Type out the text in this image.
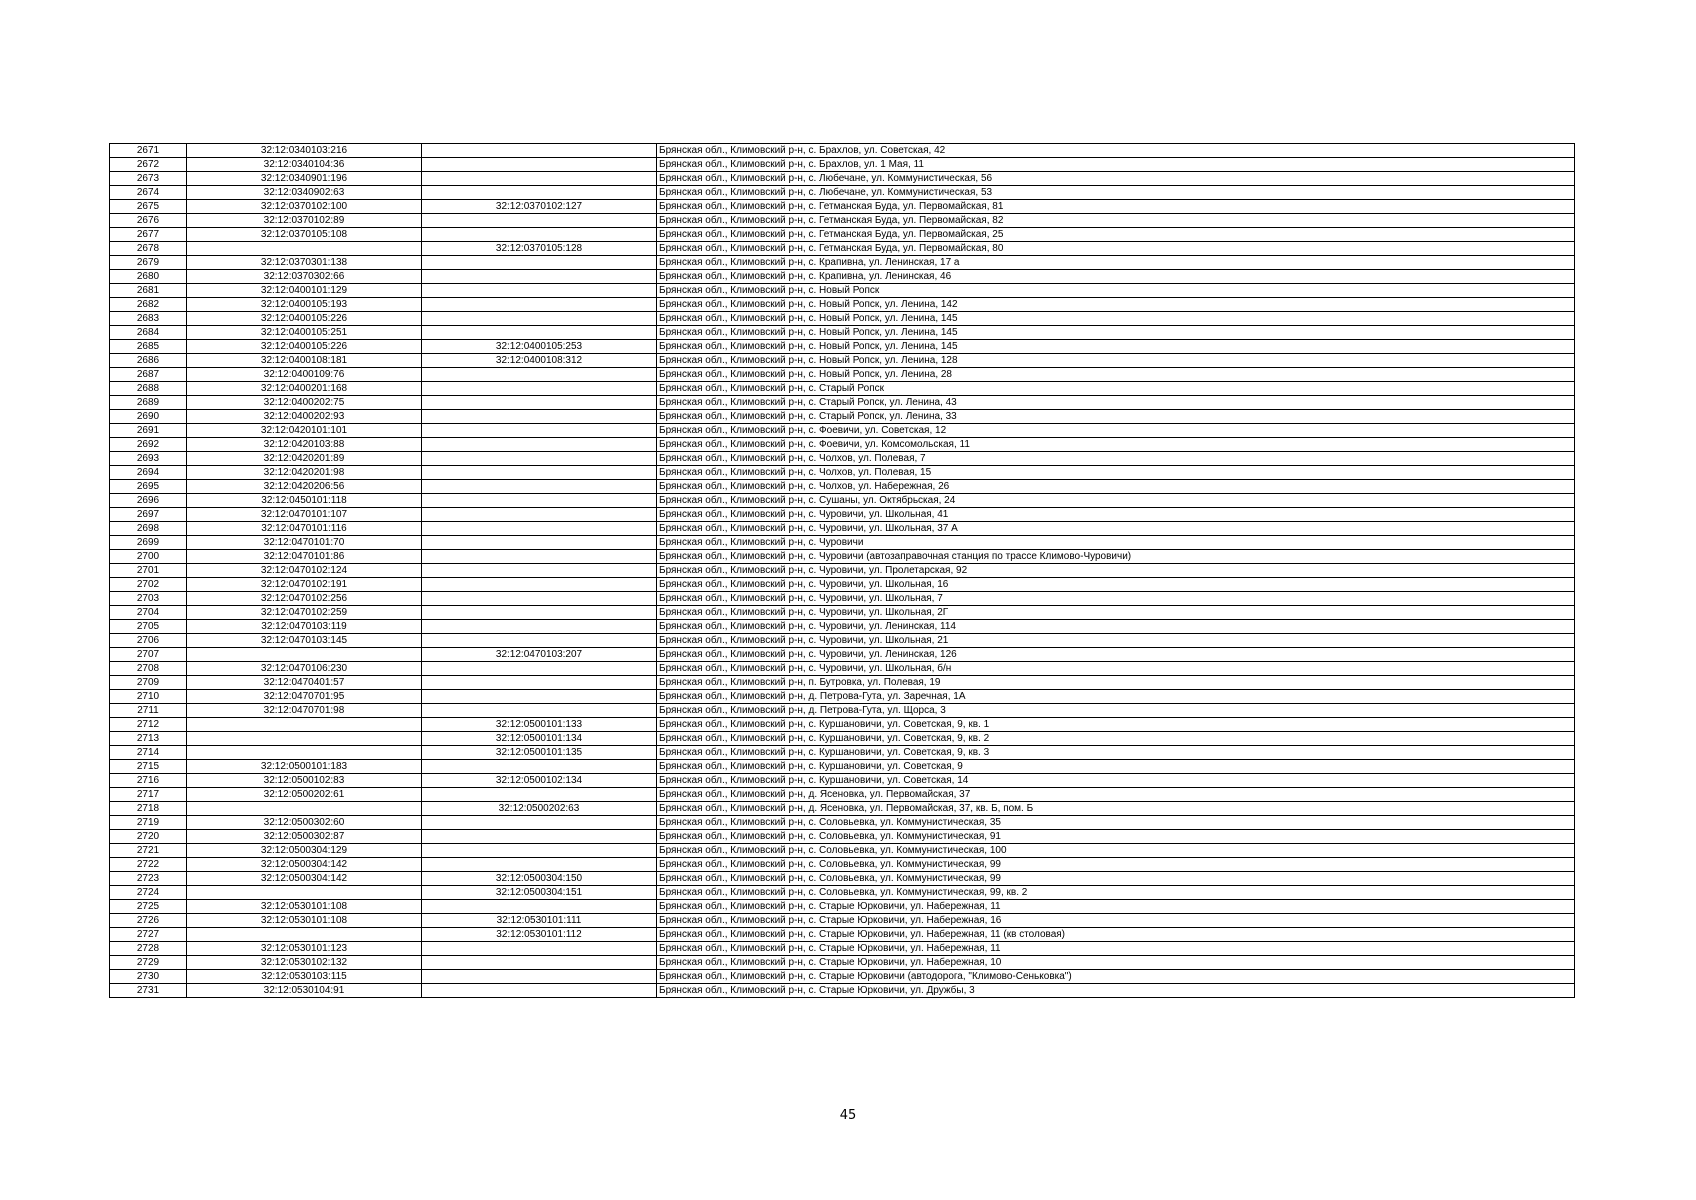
2671	32:12:0340103:216		Брянская обл., Климовский р-н, с. Брахлов, ул. Советская, 42
2672	32:12:0340104:36		Брянская обл., Климовский р-н, с. Брахлов, ул. 1 Мая, 11
2673	32:12:0340901:196		Брянская обл., Климовский р-н, с. Любечане, ул. Коммунистическая, 56
2674	32:12:0340902:63		Брянская обл., Климовский р-н, с. Любечане, ул. Коммунистическая, 53
2675	32:12:0370102:100	32:12:0370102:127	Брянская обл., Климовский р-н, с. Гетманская Буда, ул. Первомайская, 81
2676	32:12:0370102:89		Брянская обл., Климовский р-н, с. Гетманская Буда, ул. Первомайская, 82
2677	32:12:0370105:108		Брянская обл., Климовский р-н, с. Гетманская Буда, ул. Первомайская, 25
2678		32:12:0370105:128	Брянская обл., Климовский р-н, с. Гетманская Буда, ул. Первомайская, 80
2679	32:12:0370301:138		Брянская обл., Климовский р-н, с. Крапивна, ул. Ленинская, 17 а
2680	32:12:0370302:66		Брянская обл., Климовский р-н, с. Крапивна, ул. Ленинская, 46
2681	32:12:0400101:129		Брянская обл., Климовский р-н, с. Новый Ропск
2682	32:12:0400105:193		Брянская обл., Климовский р-н, с. Новый Ропск, ул. Ленина, 142
2683	32:12:0400105:226		Брянская обл., Климовский р-н, с. Новый Ропск, ул. Ленина, 145
2684	32:12:0400105:251		Брянская обл., Климовский р-н, с. Новый Ропск, ул. Ленина, 145
2685	32:12:0400105:226	32:12:0400105:253	Брянская обл., Климовский р-н, с. Новый Ропск, ул. Ленина, 145
2686	32:12:0400108:181	32:12:0400108:312	Брянская обл., Климовский р-н, с. Новый Ропск, ул. Ленина, 128
2687	32:12:0400109:76		Брянская обл., Климовский р-н, с. Новый Ропск, ул. Ленина, 28
2688	32:12:0400201:168		Брянская обл., Климовский р-н, с. Старый Ропск
2689	32:12:0400202:75		Брянская обл., Климовский р-н, с. Старый Ропск, ул. Ленина, 43
2690	32:12:0400202:93		Брянская обл., Климовский р-н, с. Старый Ропск, ул. Ленина, 33
2691	32:12:0420101:101		Брянская обл., Климовский р-н, с. Фоевичи, ул. Советская, 12
2692	32:12:0420103:88		Брянская обл., Климовский р-н, с. Фоевичи, ул. Комсомольская, 11
2693	32:12:0420201:89		Брянская обл., Климовский р-н, с. Чолхов, ул. Полевая, 7
2694	32:12:0420201:98		Брянская обл., Климовский р-н, с. Чолхов, ул. Полевая, 15
2695	32:12:0420206:56		Брянская обл., Климовский р-н, с. Чолхов, ул. Набережная, 26
2696	32:12:0450101:118		Брянская обл., Климовский р-н, с. Сушаны, ул. Октябрьская, 24
2697	32:12:0470101:107		Брянская обл., Климовский р-н, с. Чуровичи, ул. Школьная, 41
2698	32:12:0470101:116		Брянская обл., Климовский р-н, с. Чуровичи, ул. Школьная, 37 А
2699	32:12:0470101:70		Брянская обл., Климовский р-н, с. Чуровичи
2700	32:12:0470101:86		Брянская обл., Климовский р-н, с. Чуровичи (автозаправочная станция по трассе Климово-Чуровичи)
2701	32:12:0470102:124		Брянская обл., Климовский р-н, с. Чуровичи, ул. Пролетарская, 92
2702	32:12:0470102:191		Брянская обл., Климовский р-н, с. Чуровичи, ул. Школьная, 16
2703	32:12:0470102:256		Брянская обл., Климовский р-н, с. Чуровичи, ул. Школьная, 7
2704	32:12:0470102:259		Брянская обл., Климовский р-н, с. Чуровичи, ул. Школьная, 2Г
2705	32:12:0470103:119		Брянская обл., Климовский р-н, с. Чуровичи, ул. Ленинская, 114
2706	32:12:0470103:145		Брянская обл., Климовский р-н, с. Чуровичи, ул. Школьная, 21
2707		32:12:0470103:207	Брянская обл., Климовский р-н, с. Чуровичи, ул. Ленинская, 126
2708	32:12:0470106:230		Брянская обл., Климовский р-н, с. Чуровичи, ул. Школьная, б/н
2709	32:12:0470401:57		Брянская обл., Климовский р-н, п. Бутровка, ул. Полевая, 19
2710	32:12:0470701:95		Брянская обл., Климовский р-н, д. Петрова-Гута, ул. Заречная, 1А
2711	32:12:0470701:98		Брянская обл., Климовский р-н, д. Петрова-Гута, ул. Щорса, 3
2712		32:12:0500101:133	Брянская обл., Климовский р-н, с. Куршановичи, ул. Советская, 9, кв. 1
2713		32:12:0500101:134	Брянская обл., Климовский р-н, с. Куршановичи, ул. Советская, 9, кв. 2
2714		32:12:0500101:135	Брянская обл., Климовский р-н, с. Куршановичи, ул. Советская, 9, кв. 3
2715	32:12:0500101:183		Брянская обл., Климовский р-н, с. Куршановичи, ул. Советская, 9
2716	32:12:0500102:83	32:12:0500102:134	Брянская обл., Климовский р-н, с. Куршановичи, ул. Советская, 14
2717	32:12:0500202:61		Брянская обл., Климовский р-н, д. Ясеновка, ул. Первомайская, 37
2718		32:12:0500202:63	Брянская обл., Климовский р-н, д. Ясеновка, ул. Первомайская, 37, кв. Б, пом. Б
2719	32:12:0500302:60		Брянская обл., Климовский р-н, с. Соловьевка, ул. Коммунистическая, 35
2720	32:12:0500302:87		Брянская обл., Климовский р-н, с. Соловьевка, ул. Коммунистическая, 91
2721	32:12:0500304:129		Брянская обл., Климовский р-н, с. Соловьевка, ул. Коммунистическая, 100
2722	32:12:0500304:142		Брянская обл., Климовский р-н, с. Соловьевка, ул. Коммунистическая, 99
2723	32:12:0500304:142	32:12:0500304:150	Брянская обл., Климовский р-н, с. Соловьевка, ул. Коммунистическая, 99
2724		32:12:0500304:151	Брянская обл., Климовский р-н, с. Соловьевка, ул. Коммунистическая, 99, кв. 2
2725	32:12:0530101:108		Брянская обл., Климовский р-н, с. Старые Юрковичи, ул. Набережная, 11
2726	32:12:0530101:108	32:12:0530101:111	Брянская обл., Климовский р-н, с. Старые Юрковичи, ул. Набережная, 16
2727		32:12:0530101:112	Брянская обл., Климовский р-н, с. Старые Юрковичи, ул. Набережная, 11 (кв столовая)
2728	32:12:0530101:123		Брянская обл., Климовский р-н, с. Старые Юрковичи, ул. Набережная, 11
2729	32:12:0530102:132		Брянская обл., Климовский р-н, с. Старые Юрковичи, ул. Набережная, 10
2730	32:12:0530103:115		Брянская обл., Климовский р-н, с. Старые Юрковичи (автодорога, "Климово-Сеньковка")
2731	32:12:0530104:91		Брянская обл., Климовский р-н, с. Старые Юрковичи, ул. Дружбы, 3
45
